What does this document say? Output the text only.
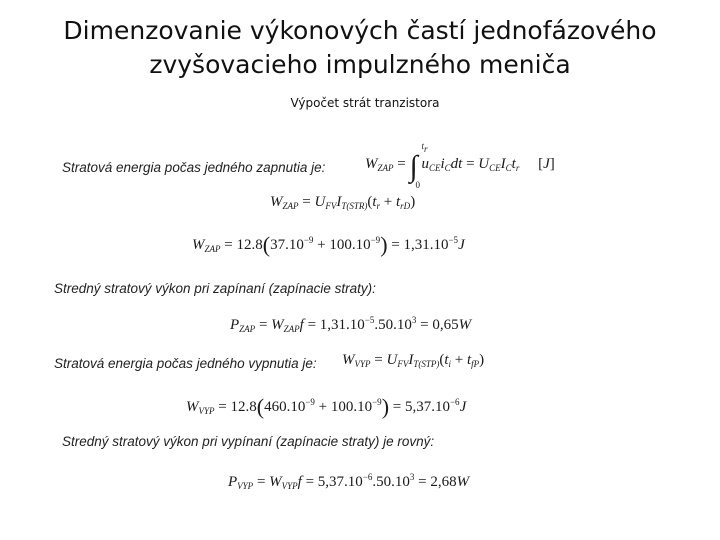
Dimenzovanie výkonových častí jednofázového
zvyšovacieho impulzného meniča
Výpočet strát tranzistora
Stratová energia počas jedného zapnutia je:	$W_{ZAP}$ = ∫
$t_r$
0
$u_{CE}i_Cdt = U_{CE}I_Ct_r$     [J]
$W_{ZAP} = U_{FV}I_{T(STR)}(t_r + t_{rD})$
$W_{ZAP} = 12.8(37.10^{-9} + 100.10^{-9}) = 1,31.10^{-5}J$
Stredný stratový výkon pri zapínaní (zapínacie straty):
$P_{ZAP} = W_{ZAP}f = 1,31.10^{-5}.50.10^3 = 0,65W$
Stratová energia počas jedného vypnutia je: $W_{VYP} = U_{FV}I_{T(STP)}(t_i + t_{fP})$
$W_{VYP} = 12.8(460.10^{-9} + 100.10^{-9}) = 5,37.10^{-6}J$
Stredný stratový výkon pri vypínaní (zapínacie straty) je rovný:
$P_{VYP} = W_{VYP}f = 5,37.10^{-6}.50.10^3 = 2,68W$
